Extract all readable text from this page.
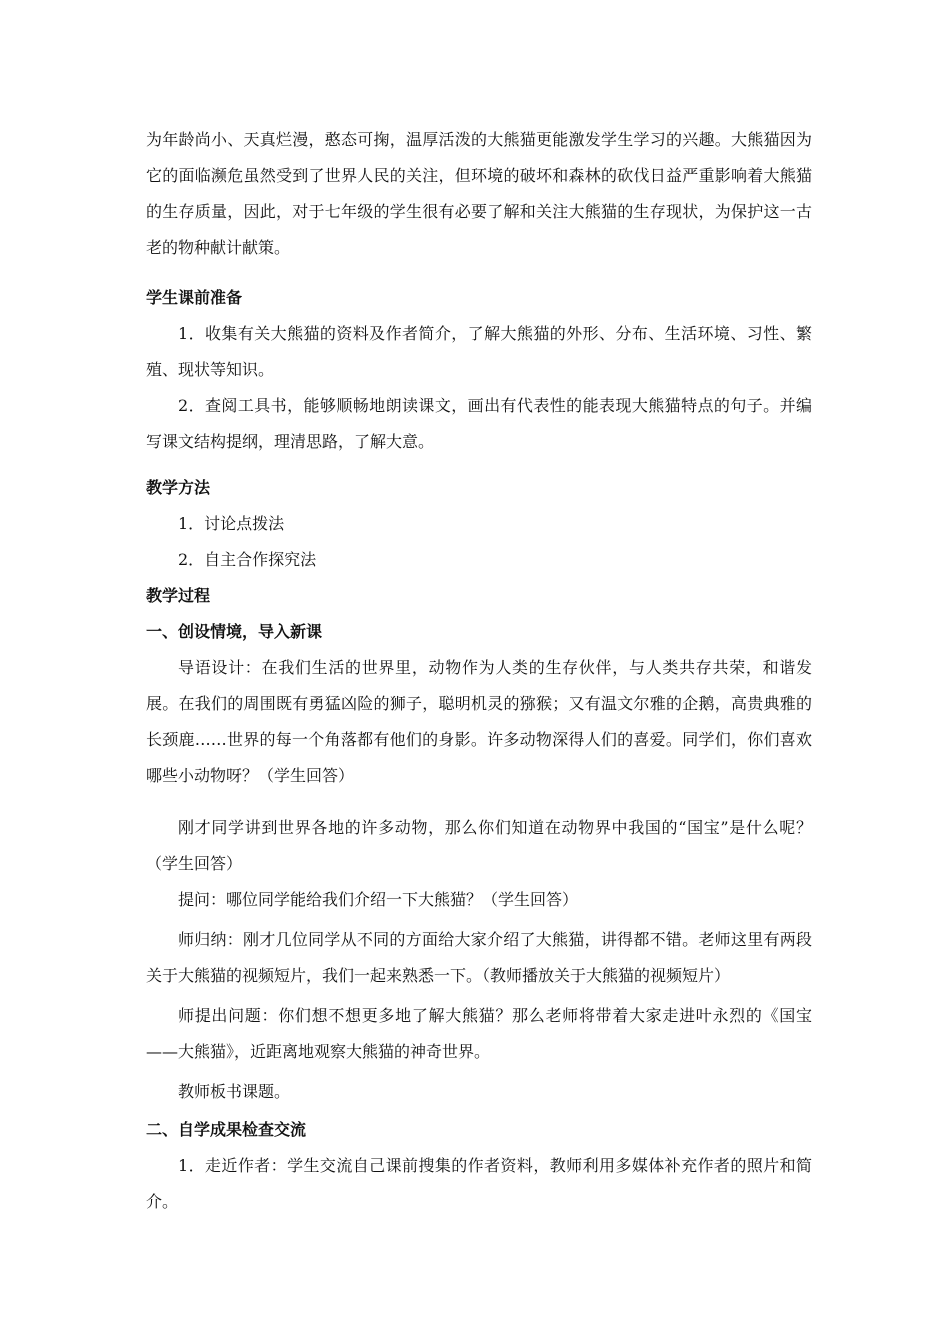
为年龄尚小、天真烂漫，憨态可掬，温厚活泼的大熊猫更能激发学生学习的兴趣。大熊猫因为它的面临濒危虽然受到了世界人民的关注，但环境的破坏和森林的砍伐日益严重影响着大熊猫的生存质量，因此，对于七年级的学生很有必要了解和关注大熊猫的生存现状，为保护这一古老的物种献计献策。

学生课前准备

1．收集有关大熊猫的资料及作者简介，了解大熊猫的外形、分布、生活环境、习性、繁殖、现状等知识。

2．查阅工具书，能够顺畅地朗读课文，画出有代表性的能表现大熊猫特点的句子。并编写课文结构提纲，理清思路，了解大意。

教学方法
1．讨论点拨法
2．自主合作探究法
教学过程
一、创设情境，导入新课

导语设计：在我们生活的世界里，动物作为人类的生存伙伴，与人类共存共荣，和谐发展。在我们的周围既有勇猛凶险的狮子，聪明机灵的猕猴；又有温文尔雅的企鹅，高贵典雅的长颈鹿……世界的每一个角落都有他们的身影。许多动物深得人们的喜爱。同学们，你们喜欢哪些小动物呀？（学生回答）

刚才同学讲到世界各地的许多动物，那么你们知道在动物界中我国的“国宝”是什么呢？（学生回答）

提问：哪位同学能给我们介绍一下大熊猫？（学生回答）

师归纳：刚才几位同学从不同的方面给大家介绍了大熊猫，讲得都不错。老师这里有两段关于大熊猫的视频短片，我们一起来熟悉一下。（教师播放关于大熊猫的视频短片）

师提出问题：你们想不想更多地了解大熊猫？那么老师将带着大家走进叶永烈的《国宝——大熊猫》，近距离地观察大熊猫的神奇世界。

教师板书课题。

二、自学成果检查交流

1．走近作者：学生交流自己课前搜集的作者资料，教师利用多媒体补充作者的照片和简介。
